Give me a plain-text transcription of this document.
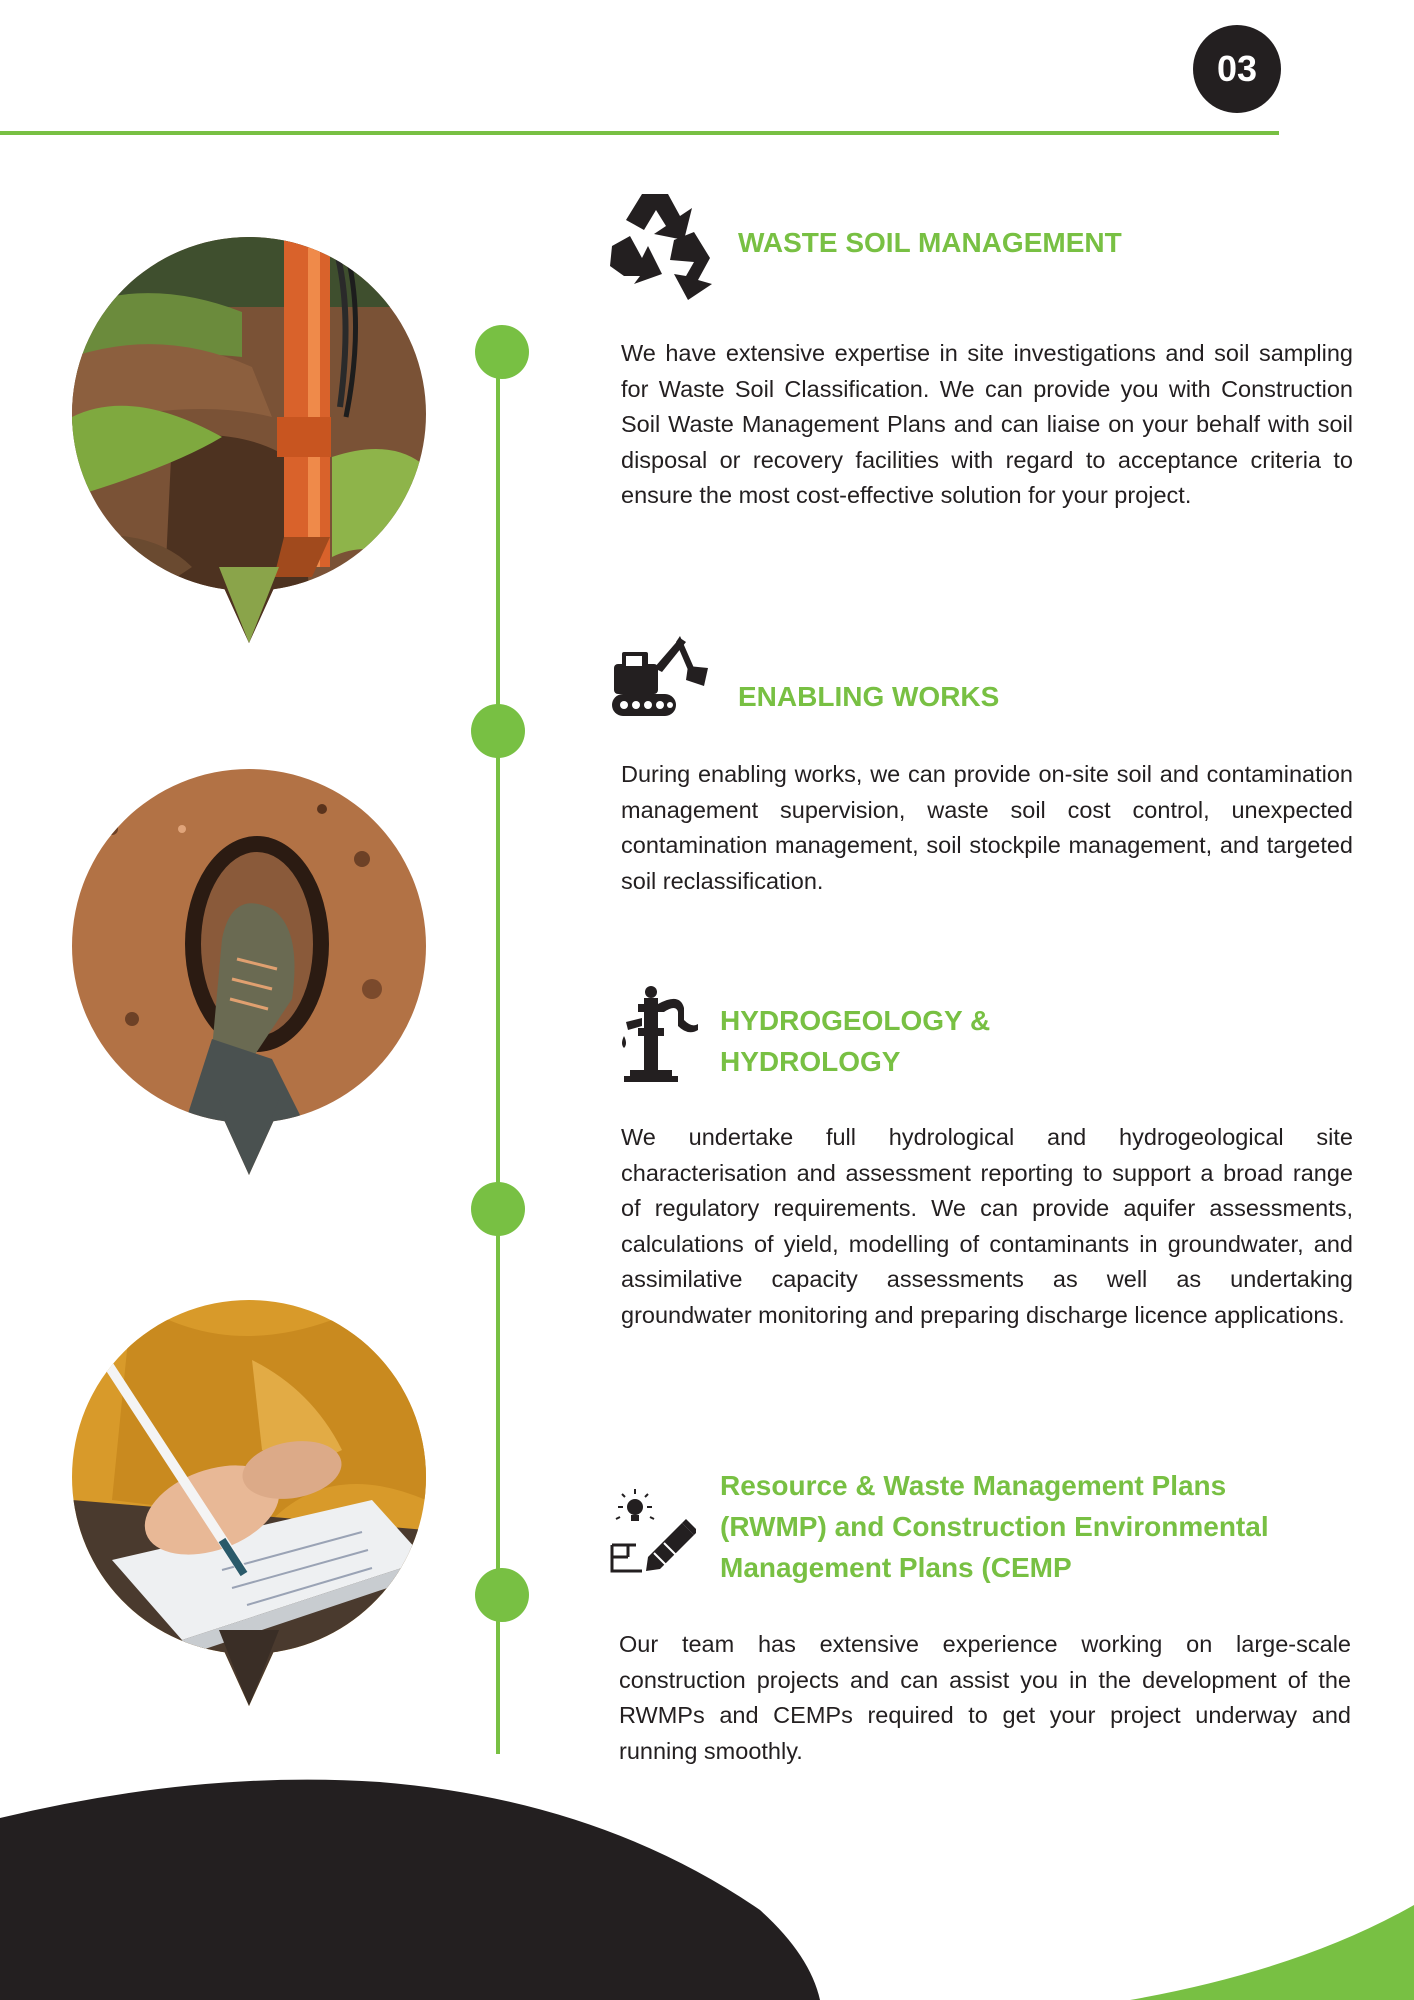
03
WASTE SOIL MANAGEMENT

We have extensive expertise in site investigations and soil sampling for Waste Soil Classification. We can provide you with Construction Soil Waste Management Plans and can liaise on your behalf with soil disposal or recovery facilities with regard to acceptance criteria to ensure the most cost-effective solution for your project.

ENABLING WORKS

During enabling works, we can provide on-site soil and contamination management supervision, waste soil cost control, unexpected contamination management, soil stockpile management, and targeted soil reclassification.

HYDROGEOLOGY & HYDROLOGY

We undertake full hydrological and hydrogeological site characterisation and assessment reporting to support a broad range of regulatory requirements. We can provide aquifer assessments, calculations of yield, modelling of contaminants in groundwater, and assimilative capacity assessments as well as undertaking groundwater monitoring and preparing discharge licence applications.

Resource & Waste Management Plans (RWMP) and Construction Environmental Management Plans (CEMP

Our team has extensive experience working on large-scale construction projects and can assist you in the development of the RWMPs and CEMPs required to get your project underway and running smoothly.
